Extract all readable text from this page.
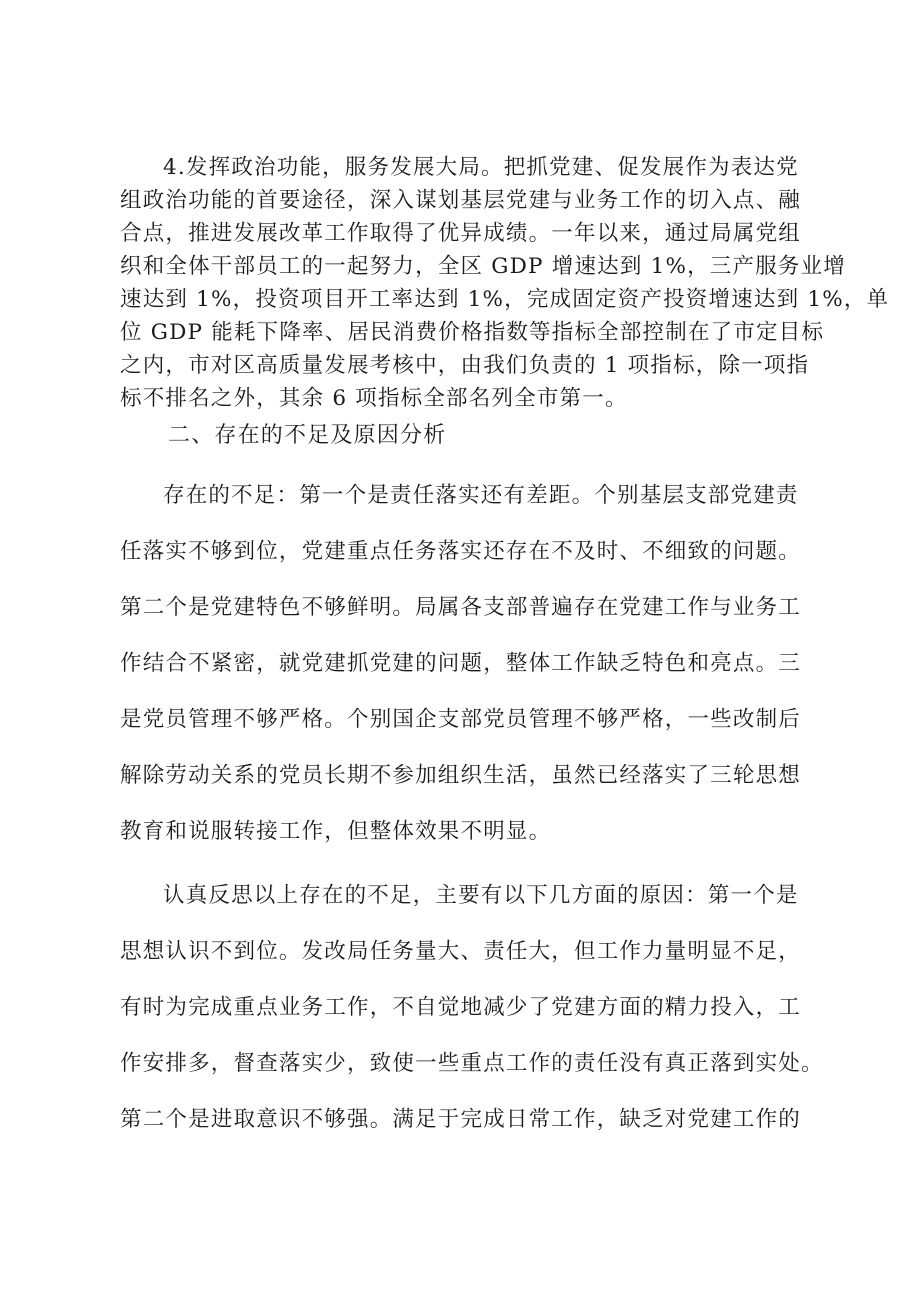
4.发挥政治功能，服务发展大局。把抓党建、促发展作为表达党

组政治功能的首要途径，深入谋划基层党建与业务工作的切入点、融

合点，推进发展改革工作取得了优异成绩。一年以来，通过局属党组

织和全体干部员工的一起努力，全区 GDP 增速达到 1%，三产服务业增

速达到 1%，投资项目开工率达到 1%，完成固定资产投资增速达到 1%，单

位 GDP 能耗下降率、居民消费价格指数等指标全部控制在了市定目标

之内，市对区高质量发展考核中，由我们负责的 1 项指标，除一项指

标不排名之外，其余 6 项指标全部名列全市第一。

二、存在的不足及原因分析

存在的不足：第一个是责任落实还有差距。个别基层支部党建责

任落实不够到位，党建重点任务落实还存在不及时、不细致的问题。

第二个是党建特色不够鲜明。局属各支部普遍存在党建工作与业务工

作结合不紧密，就党建抓党建的问题，整体工作缺乏特色和亮点。三

是党员管理不够严格。个别国企支部党员管理不够严格，一些改制后

解除劳动关系的党员长期不参加组织生活，虽然已经落实了三轮思想

教育和说服转接工作，但整体效果不明显。

认真反思以上存在的不足，主要有以下几方面的原因：第一个是

思想认识不到位。发改局任务量大、责任大，但工作力量明显不足，

有时为完成重点业务工作，不自觉地减少了党建方面的精力投入，工

作安排多，督查落实少，致使一些重点工作的责任没有真正落到实处。

第二个是进取意识不够强。满足于完成日常工作，缺乏对党建工作的
